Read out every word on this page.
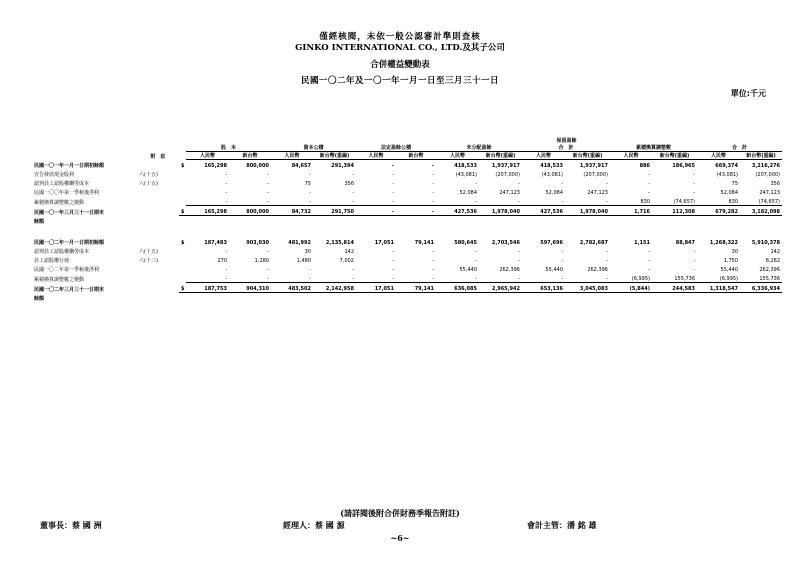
僅經核閱，未依一般公認審計準則查核
GINKO INTERNATIONAL CO., LTD.及其子公司
合併權益變動表
民國一〇二年及一〇一年一月一日至三月三十一日
單位:千元
									保留盈餘							
			股　本		資本公積		法定盈餘公積		未分配盈餘		合　計		累積換算調整數		合　計	
	附　註		人民幣	新台幣	人民幣	新台幣(重編)	人民幣	新台幣	人民幣	新台幣(重編)	人民幣	新台幣(重編)	人民幣	新台幣(重編)	人民幣	新台幣(重編)
民國一〇一年一月一日期初餘額		$	165,298	800,000	84,657	291,394	-	-	418,533	1,937,917	418,533	1,937,917	886	186,965	669,374	3,216,276
宣告發放現金股利	六(十五)		-	-	-	-	-	-	(43,081)	(207,000)	(43,081)	(207,000)	-	-	(43,081)	(207,000)
認列員工認股權酬勞成本	六(十五)		-	-	75	356	-	-	-	-	-	-	-	-	75	356
民國一〇〇年第一季稅後淨利			-	-	-	-	-	-	52,084	247,123	52,084	247,123	-	-	52,084	247,123
累積換算調整數之變動			-	-	-	-	-	-	-	-	-	-	830	(74,657)	830	(74,657)
民國一〇一年三月三十一日期末		$	165,298	800,000	84,732	291,750	-	-	427,536	1,978,040	427,536	1,978,040	1,716	112,308	679,282	3,182,098
餘額																

民國一〇二年一月一日期初餘額		$	187,483	903,030	481,992	2,135,814	17,051	79,141	580,645	2,703,546	597,696	2,782,687	1,151	88,847	1,268,322	5,910,378
認列員工認股權酬勞成本	六(十五)		-	-	30	142	-	-	-	-	-	-	-	-	30	142
員工認股權行使	六(十三)		270	1,280	1,480	7,002	-	-	-	-	-	-	-	-	1,750	8,282
民國一〇二年第一季稅後淨利			-	-	-	-	-	-	55,440	262,396	55,440	262,396	-	-	55,440	262,396
累積換算調整數之變動			-	-	-	-	-	-	-	-	-	-	(6,995)	155,736	(6,995)	155,736
民國一〇二年三月三十一日期末		$	187,753	904,310	483,502	2,142,958	17,051	79,141	636,085	2,965,942	653,136	3,045,083	(5,844)	244,583	1,318,547	6,336,934
餘額																
(請詳閱後附合併財務季報告附註)
董事長：蔡 國 洲	經理人：蔡 國 源	會計主管：潘 銘 雄
~6~
